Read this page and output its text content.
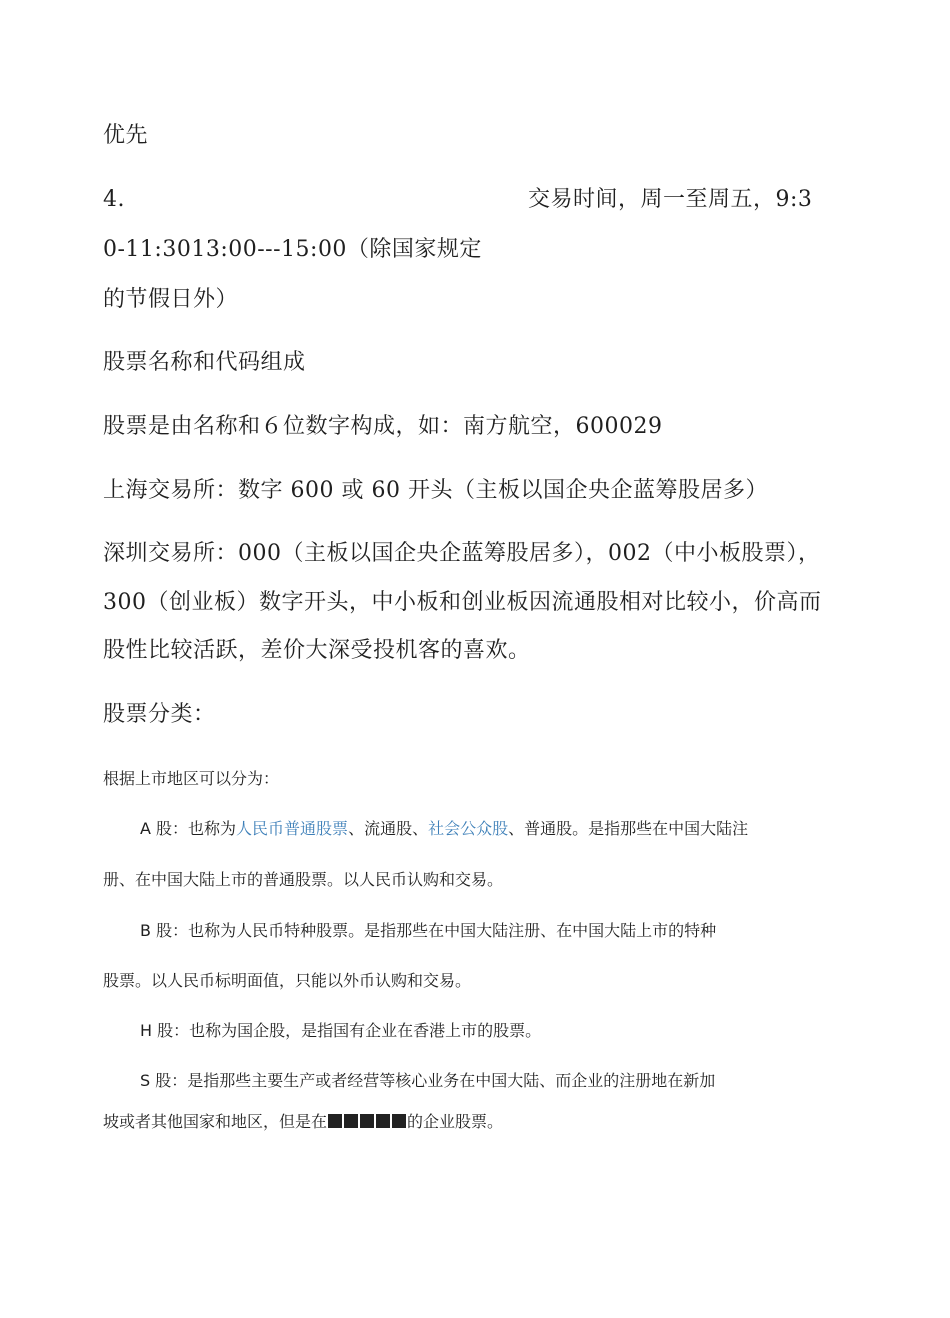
优先
4.	交易时间，周一至周五，9:3
0-11:3013:00---15:00（除国家规定
的节假日外）
股票名称和代码组成
股票是由名称和６位数字构成，如：南方航空，600029
上海交易所：数字 600 或 60 开头（主板以国企央企蓝筹股居多）
深圳交易所：000（主板以国企央企蓝筹股居多），002（中小板股票），
300（创业板）数字开头，中小板和创业板因流通股相对比较小，价高而
股性比较活跃，差价大深受投机客的喜欢。
股票分类：
根据上市地区可以分为：
A 股：也称为人民币普通股票、流通股、社会公众股、普通股。是指那些在中国大陆注
册、在中国大陆上市的普通股票。以人民币认购和交易。
B 股：也称为人民币特种股票。是指那些在中国大陆注册、在中国大陆上市的特种
股票。以人民币标明面值，只能以外币认购和交易。
H 股：也称为国企股，是指国有企业在香港上市的股票。
S 股：是指那些主要生产或者经营等核心业务在中国大陆、而企业的注册地在新加
坡或者其他国家和地区，但是在	的企业股票。
